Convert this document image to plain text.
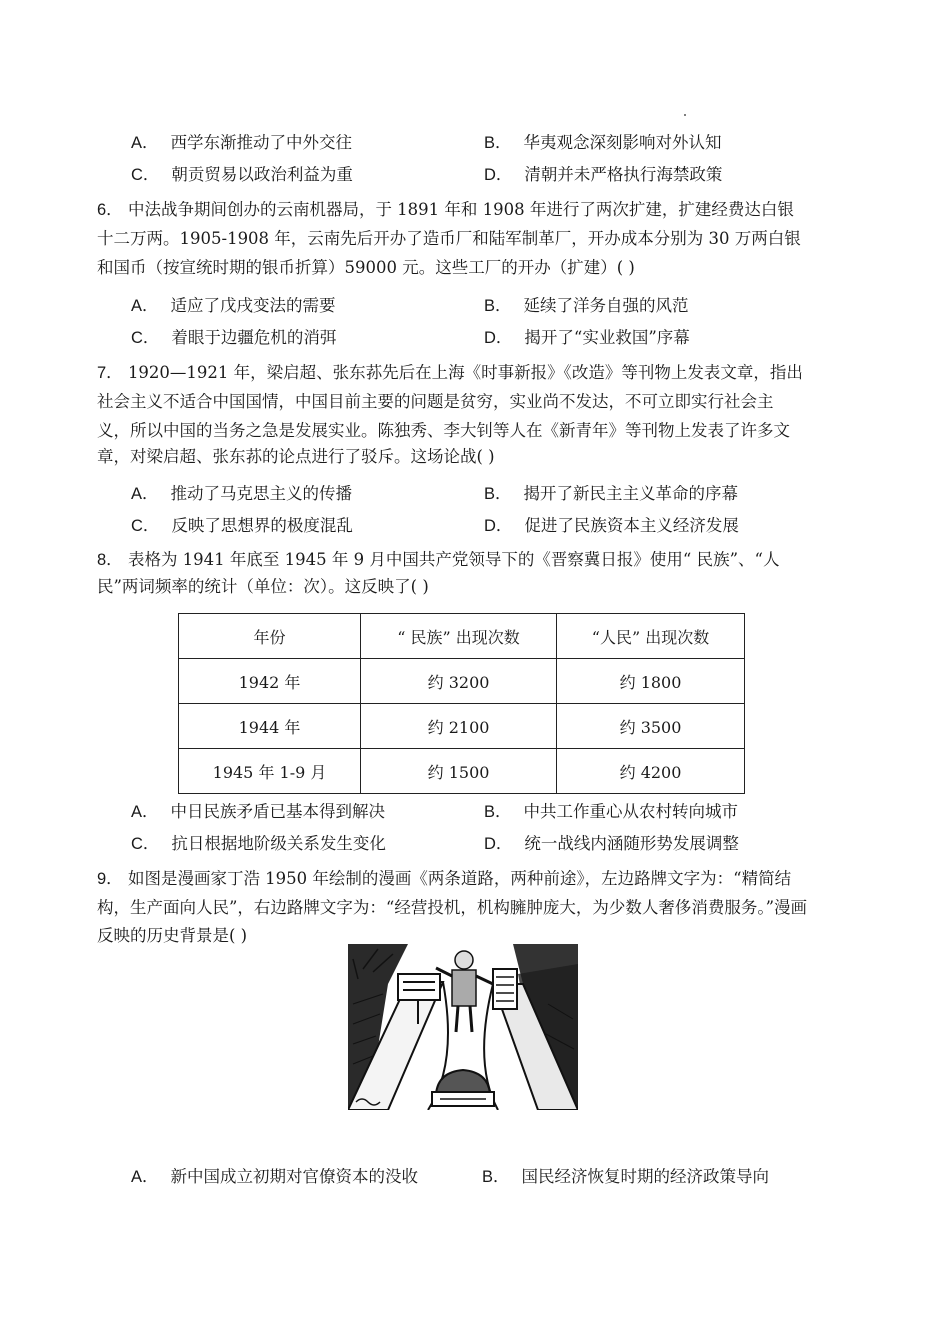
A． 西学东渐推动了中外交往	B． 华夷观念深刻影响对外认知
C． 朝贡贸易以政治利益为重	D． 清朝并未严格执行海禁政策
6． 中法战争期间创办的云南机器局，于 1891 年和 1908 年进行了两次扩建，扩建经费达白银
十二万两。1905-1908 年，云南先后开办了造币厂和陆军制革厂，开办成本分别为 30 万两白银
和国币（按宣统时期的银币折算）59000 元。这些工厂的开办（扩建）( )
A． 适应了戊戌变法的需要	B． 延续了洋务自强的风范
C． 着眼于边疆危机的消弭	D． 揭开了“实业救国”序幕
7． 1920—1921 年，梁启超、张东荪先后在上海《时事新报》《改造》等刊物上发表文章，指出
社会主义不适合中国国情，中国目前主要的问题是贫穷，实业尚不发达，不可立即实行社会主
义，所以中国的当务之急是发展实业。陈独秀、李大钊等人在《新青年》等刊物上发表了许多文
章，对梁启超、张东荪的论点进行了驳斥。这场论战( )
A． 推动了马克思主义的传播	B． 揭开了新民主主义革命的序幕
C． 反映了思想界的极度混乱	D． 促进了民族资本主义经济发展
8． 表格为 1941 年底至 1945 年 9 月中国共产党领导下的《晋察冀日报》使用“ 民族”、“人
民”两词频率的统计（单位：次）。这反映了( )
年份	“ 民族” 出现次数	“人民” 出现次数
1942 年	约 3200	约 1800
1944 年	约 2100	约 3500
1945 年 1-9 月	约 1500	约 4200
A． 中日民族矛盾已基本得到解决	B． 中共工作重心从农村转向城市
C． 抗日根据地阶级关系发生变化	D． 统一战线内涵随形势发展调整
9． 如图是漫画家丁浩 1950 年绘制的漫画《两条道路，两种前途》，左边路牌文字为：“精简结
构，生产面向人民”，右边路牌文字为：“经营投机，机构臃肿庞大，为少数人奢侈消费服务。”漫画
反映的历史背景是( )
A． 新中国成立初期对官僚资本的没收	B． 国民经济恢复时期的经济政策导向
